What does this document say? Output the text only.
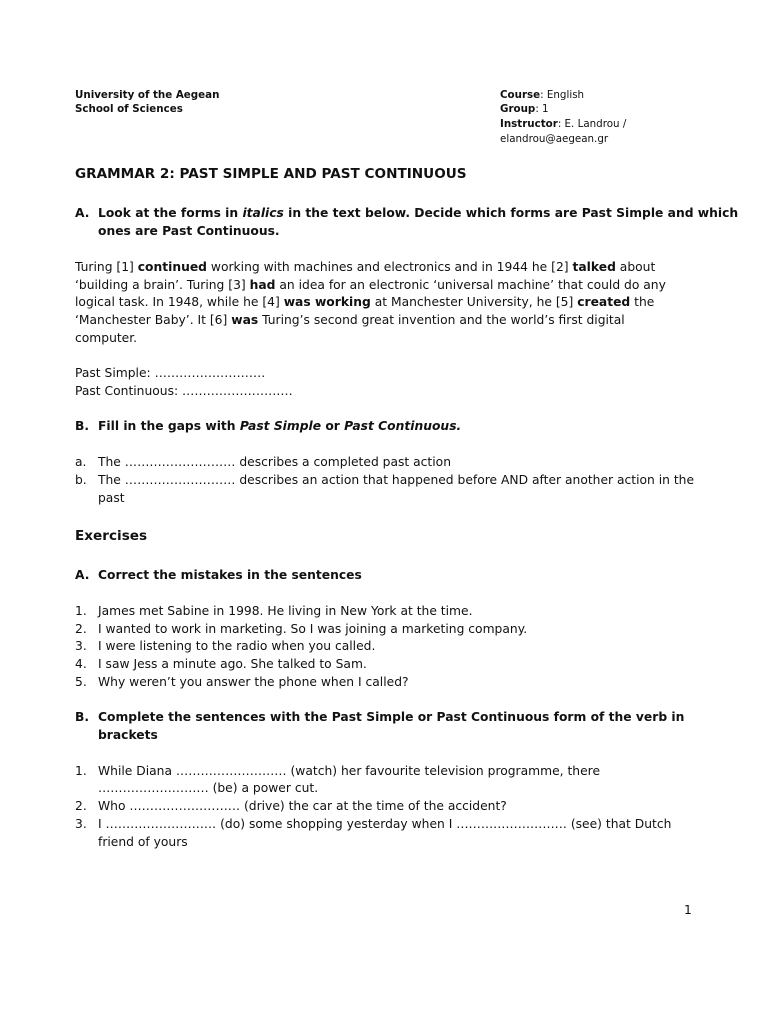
University of the Aegean
School of Sciences
Course: English
Group: 1
Instructor: E. Landrou /
elandrou@aegean.gr
GRAMMAR 2: PAST SIMPLE AND PAST CONTINUOUS
A. Look at the forms in italics in the text below. Decide which forms are Past Simple and which
ones are Past Continuous.
Turing [1] continued working with machines and electronics and in 1944 he [2] talked about
‘building a brain’. Turing [3] had an idea for an electronic ‘universal machine’ that could do any
logical task. In 1948, while he [4] was working at Manchester University, he [5] created the
‘Manchester Baby’. It [6] was Turing’s second great invention and the world’s first digital
computer.
Past Simple: ………………………
Past Continuous: ………………………
B. Fill in the gaps with Past Simple or Past Continuous.
a. The ……………………… describes a completed past action
b. The ……………………… describes an action that happened before AND after another action in the
past
Exercises
A. Correct the mistakes in the sentences
1. James met Sabine in 1998. He living in New York at the time.
2. I wanted to work in marketing. So I was joining a marketing company.
3. I were listening to the radio when you called.
4. I saw Jess a minute ago. She talked to Sam.
5. Why weren’t you answer the phone when I called?
B. Complete the sentences with the Past Simple or Past Continuous form of the verb in
brackets
1. While Diana ……………………… (watch) her favourite television programme, there
……………………… (be) a power cut.
2. Who ……………………… (drive) the car at the time of the accident?
3. I ……………………… (do) some shopping yesterday when I ……………………… (see) that Dutch
friend of yours
1
